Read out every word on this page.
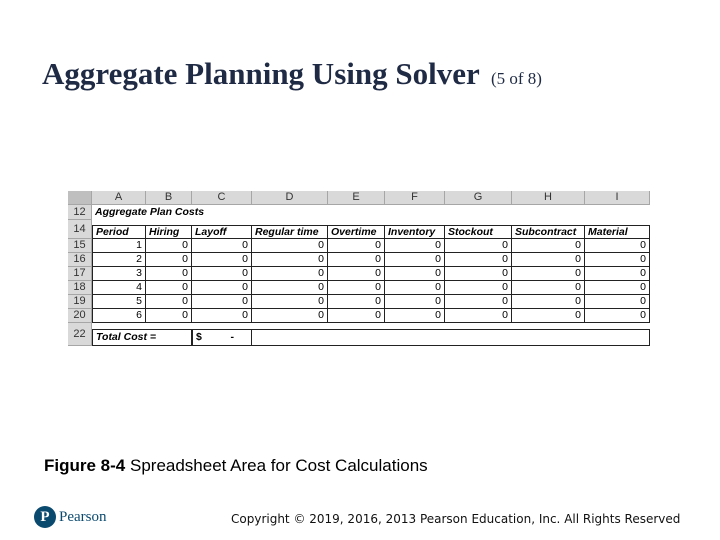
Aggregate Planning Using Solver (5 of 8)
A	B	C	D	E	F	G	H	I
12 Aggregate Plan Costs
14 Period	Hiring	Layoff	Regular time	Overtime	Inventory	Stockout	Subcontract	Material
15	1	0	0	0	0	0	0	0	0
16	2	0	0	0	0	0	0	0	0
17	3	0	0	0	0	0	0	0	0
18	4	0	0	0	0	0	0	0	0
19	5	0	0	0	0	0	0	0	0
20	6	0	0	0	0	0	0	0	0
22 Total Cost =	$	-
Figure 8-4 Spreadsheet Area for Cost Calculations
P Pearson	Copyright © 2019, 2016, 2013 Pearson Education, Inc. All Rights Reserved
